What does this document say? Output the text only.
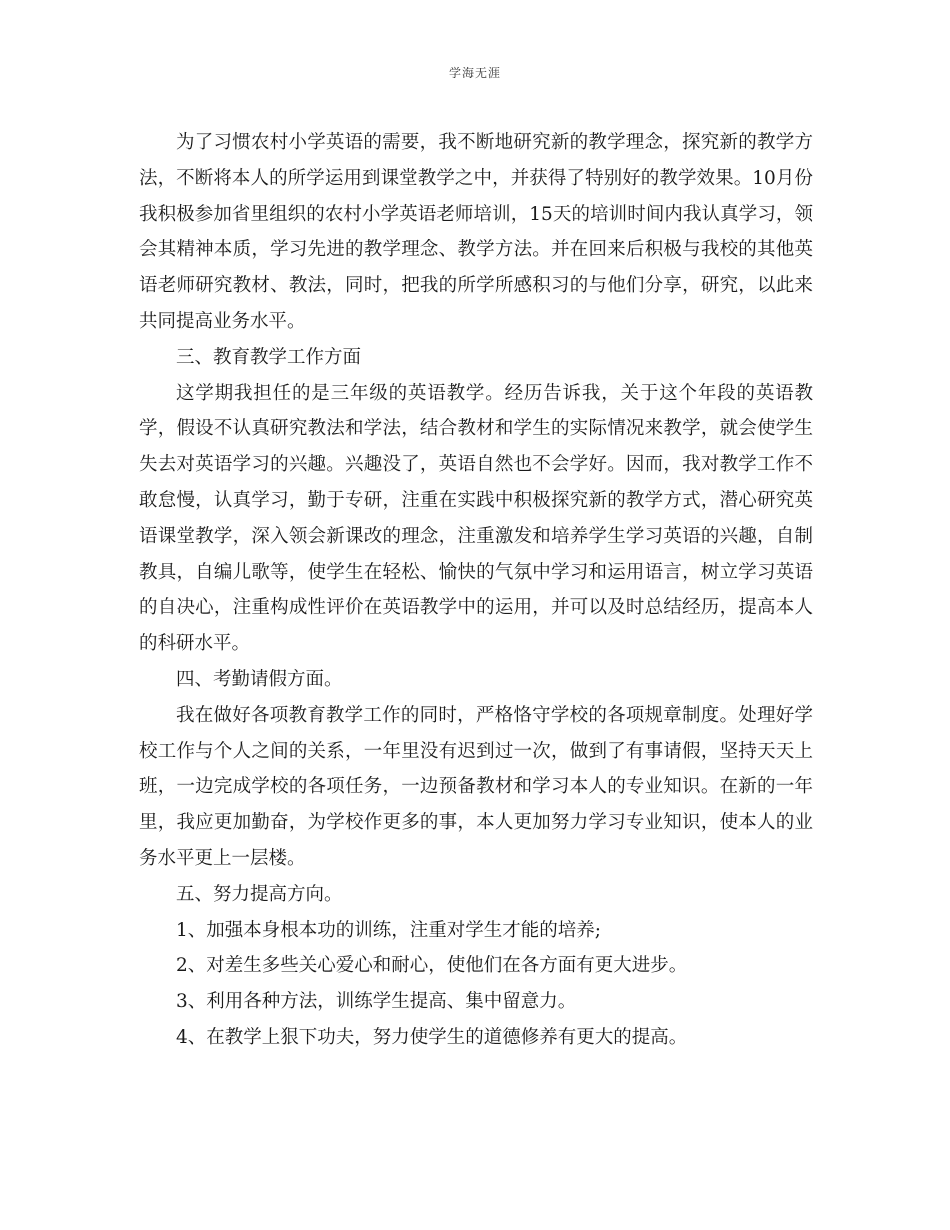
学海无涯

为了习惯农村小学英语的需要，我不断地研究新的教学理念，探究新的教学方法，不断将本人的所学运用到课堂教学之中，并获得了特别好的教学效果。10月份我积极参加省里组织的农村小学英语老师培训，15天的培训时间内我认真学习，领会其精神本质，学习先进的教学理念、教学方法。并在回来后积极与我校的其他英语老师研究教材、教法，同时，把我的所学所感积习的与他们分享，研究，以此来共同提高业务水平。

三、教育教学工作方面

这学期我担任的是三年级的英语教学。经历告诉我，关于这个年段的英语教学，假设不认真研究教法和学法，结合教材和学生的实际情况来教学，就会使学生失去对英语学习的兴趣。兴趣没了，英语自然也不会学好。因而，我对教学工作不敢怠慢，认真学习，勤于专研，注重在实践中积极探究新的教学方式，潜心研究英语课堂教学，深入领会新课改的理念，注重激发和培养学生学习英语的兴趣，自制教具，自编儿歌等，使学生在轻松、愉快的气氛中学习和运用语言，树立学习英语的自决心，注重构成性评价在英语教学中的运用，并可以及时总结经历，提高本人的科研水平。

四、考勤请假方面。

我在做好各项教育教学工作的同时，严格恪守学校的各项规章制度。处理好学校工作与个人之间的关系，一年里没有迟到过一次，做到了有事请假，坚持天天上班，一边完成学校的各项任务，一边预备教材和学习本人的专业知识。在新的一年里，我应更加勤奋，为学校作更多的事，本人更加努力学习专业知识，使本人的业务水平更上一层楼。

五、努力提高方向。

1、加强本身根本功的训练，注重对学生才能的培养;

2、对差生多些关心爱心和耐心，使他们在各方面有更大进步。

3、利用各种方法，训练学生提高、集中留意力。

4、在教学上狠下功夫，努力使学生的道德修养有更大的提高。
